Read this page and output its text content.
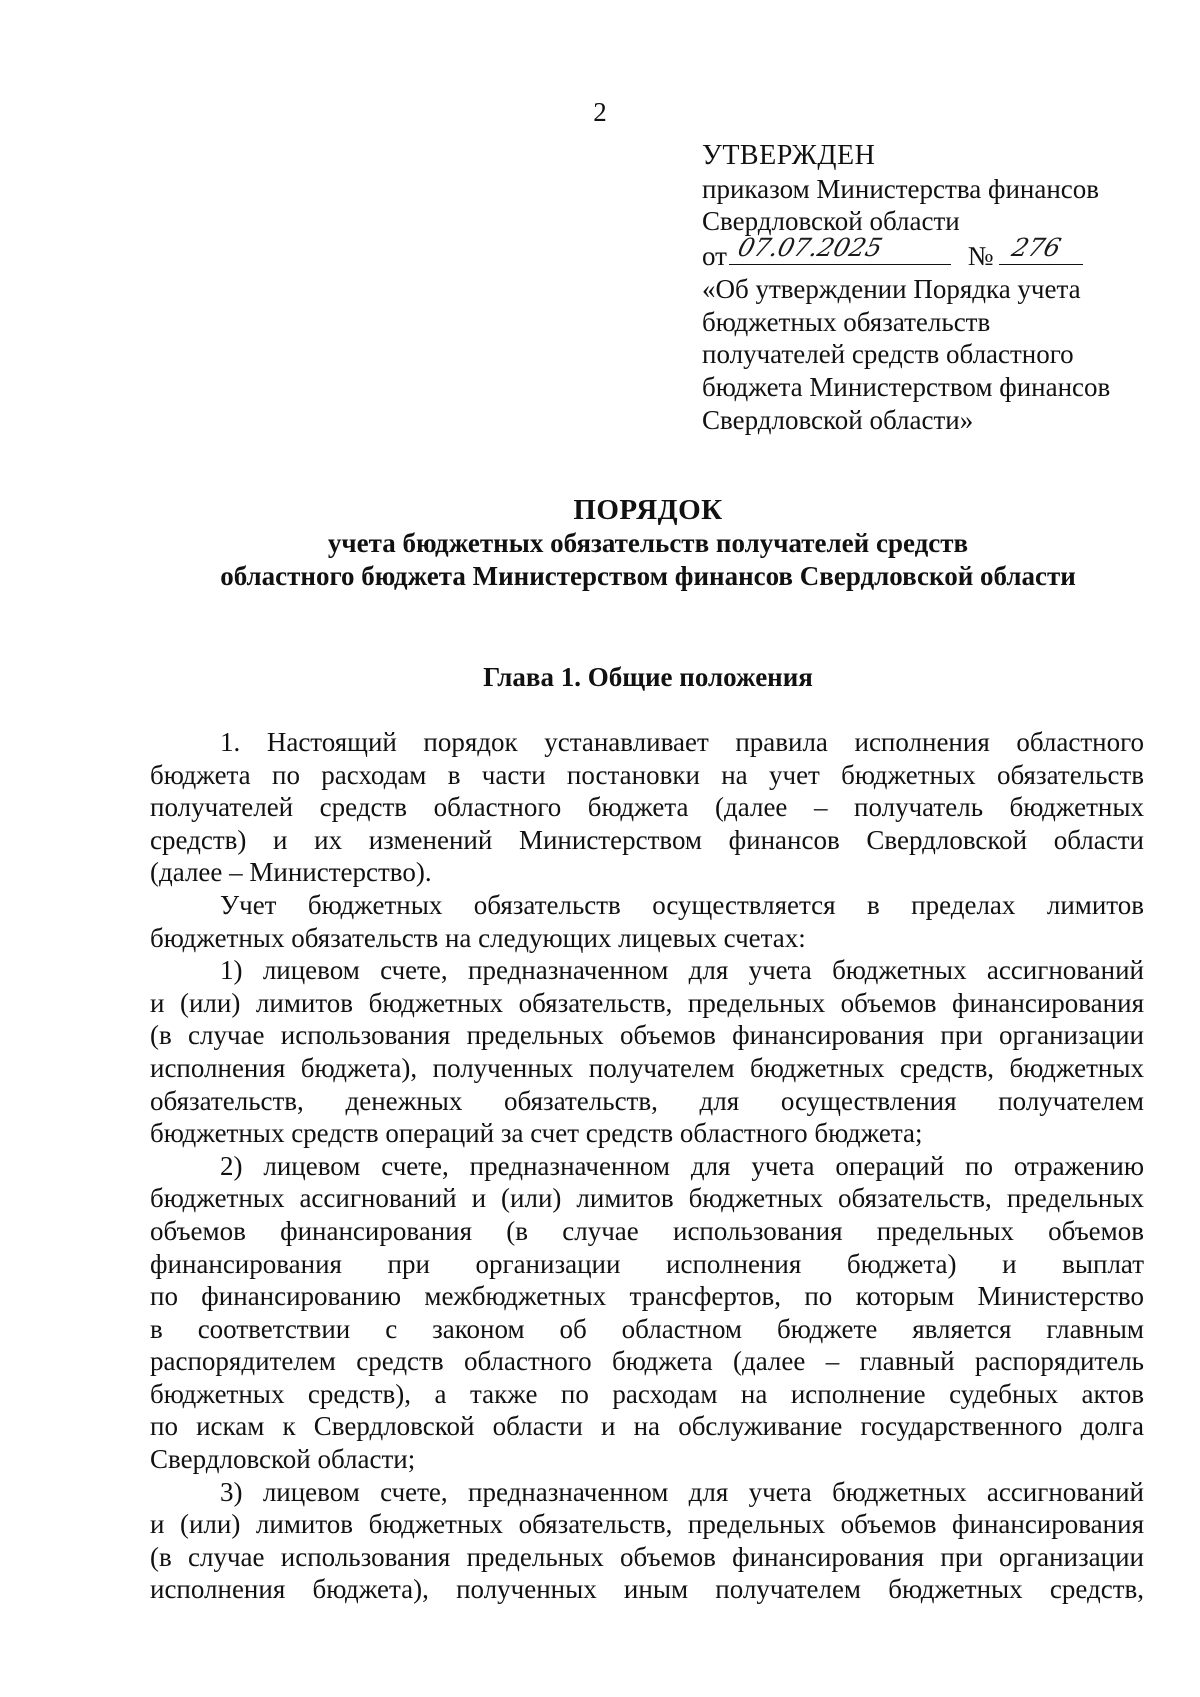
2
УТВЕРЖДЕН
приказом Министерства финансов
Свердловской области
от 07.07.2025	№ 276
«Об утверждении Порядка учета
бюджетных обязательств
получателей средств областного
бюджета Министерством финансов
Свердловской области»
ПОРЯДОК
учета бюджетных обязательств получателей средств
областного бюджета Министерством финансов Свердловской области
Глава 1. Общие положения
1. Настоящий порядок устанавливает правила исполнения областного
бюджета по расходам в части постановки на учет бюджетных обязательств
получателей средств областного бюджета (далее – получатель бюджетных
средств) и их изменений Министерством финансов Свердловской области
(далее – Министерство).
Учет бюджетных обязательств осуществляется в пределах лимитов
бюджетных обязательств на следующих лицевых счетах:
1) лицевом счете, предназначенном для учета бюджетных ассигнований
и (или) лимитов бюджетных обязательств, предельных объемов финансирования
(в случае использования предельных объемов финансирования при организации
исполнения бюджета), полученных получателем бюджетных средств, бюджетных
обязательств, денежных обязательств, для осуществления получателем
бюджетных средств операций за счет средств областного бюджета;
2) лицевом счете, предназначенном для учета операций по отражению
бюджетных ассигнований и (или) лимитов бюджетных обязательств, предельных
объемов финансирования (в случае использования предельных объемов
финансирования при организации исполнения бюджета) и выплат
по финансированию межбюджетных трансфертов, по которым Министерство
в соответствии с законом об областном бюджете является главным
распорядителем средств областного бюджета (далее – главный распорядитель
бюджетных средств), а также по расходам на исполнение судебных актов
по искам к Свердловской области и на обслуживание государственного долга
Свердловской области;
3) лицевом счете, предназначенном для учета бюджетных ассигнований
и (или) лимитов бюджетных обязательств, предельных объемов финансирования
(в случае использования предельных объемов финансирования при организации
исполнения бюджета), полученных иным получателем бюджетных средств,
